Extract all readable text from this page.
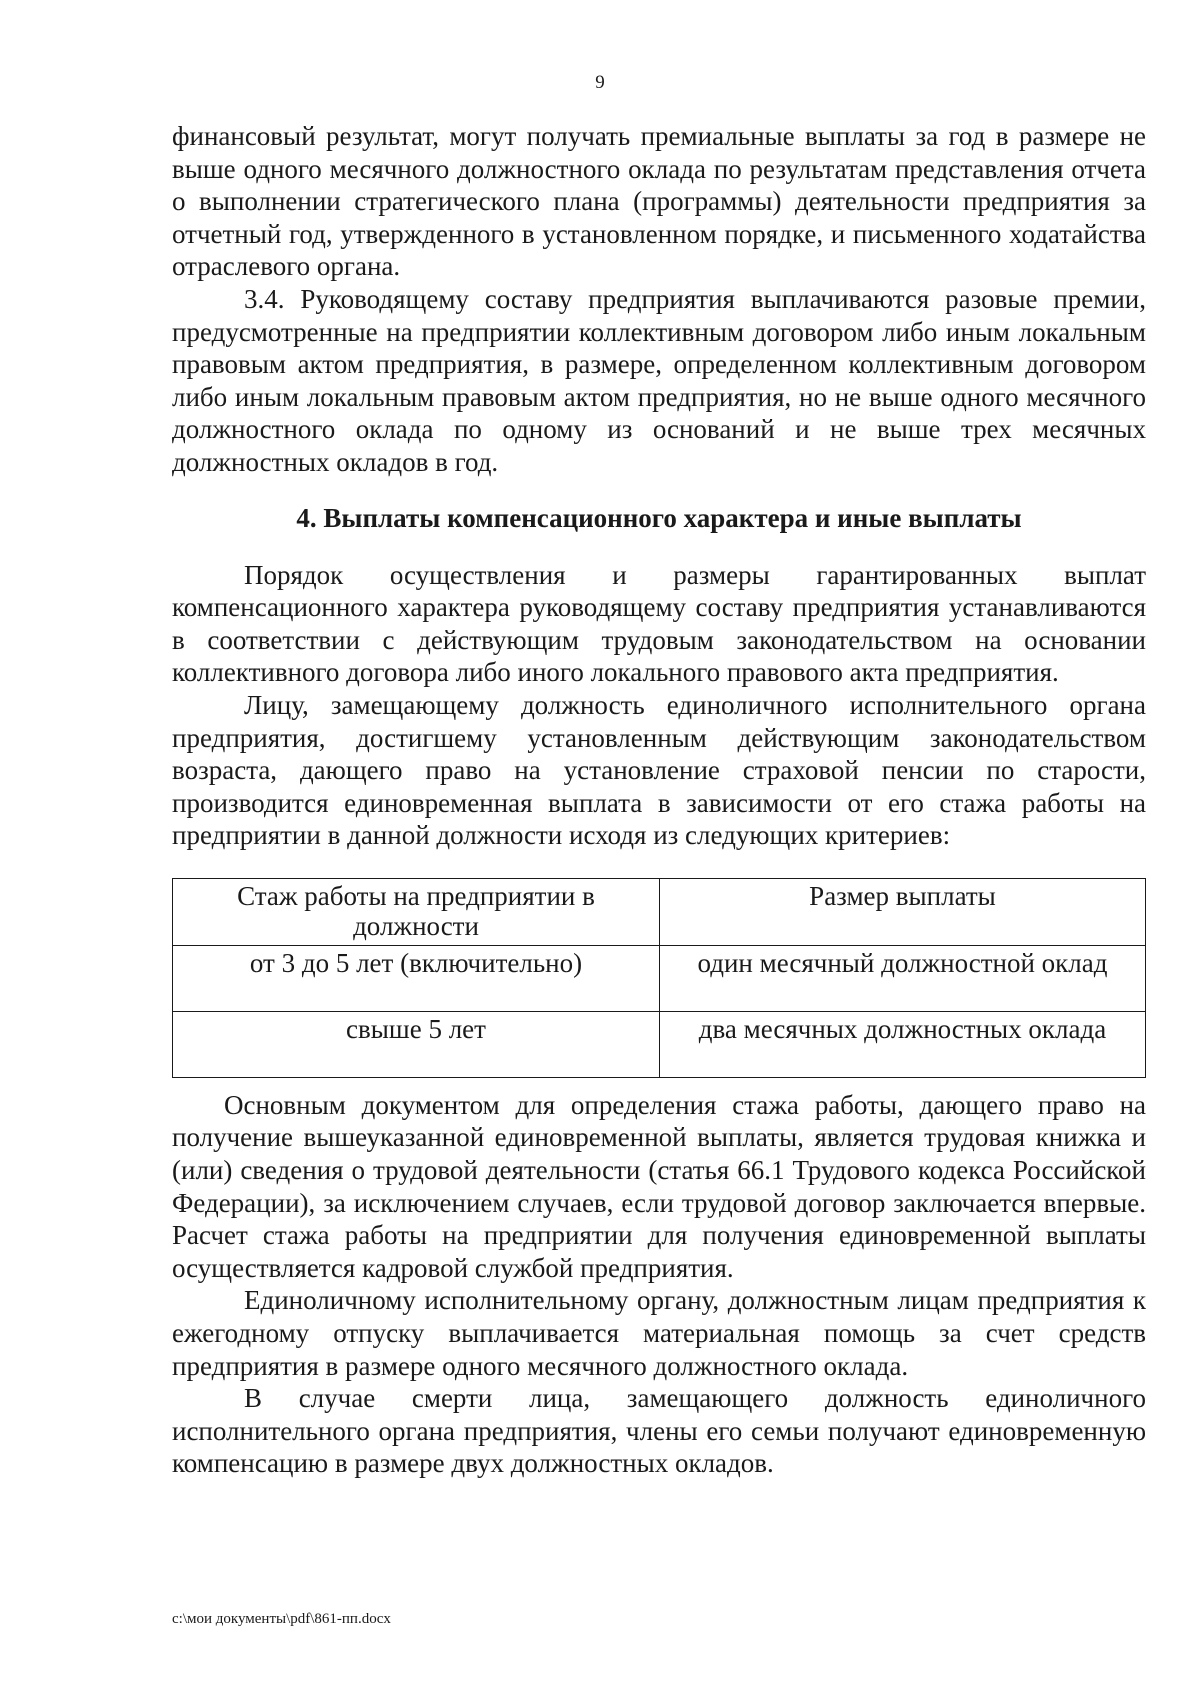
9

финансовый результат, могут получать премиальные выплаты за год в размере не выше одного месячного должностного оклада по результатам представления отчета о выполнении стратегического плана (программы) деятельности предприятия за отчетный год, утвержденного в установленном порядке, и письменного ходатайства отраслевого органа.

3.4. Руководящему составу предприятия выплачиваются разовые премии, предусмотренные на предприятии коллективным договором либо иным локальным правовым актом предприятия, в размере, определенном коллективным договором либо иным локальным правовым актом предприятия, но не выше одного месячного должностного оклада по одному из оснований и не выше трех месячных должностных окладов в год.

4. Выплаты компенсационного характера и иные выплаты

Порядок осуществления и размеры гарантированных выплат компенсационного характера руководящему составу предприятия устанавливаются в соответствии с действующим трудовым законодательством на основании коллективного договора либо иного локального правового акта предприятия.

Лицу, замещающему должность единоличного исполнительного органа предприятия, достигшему установленным действующим законодательством возраста, дающего право на установление страховой пенсии по старости, производится единовременная выплата в зависимости от его стажа работы на предприятии в данной должности исходя из следующих критериев:

Стаж работы на предприятии в должности	Размер выплаты
от 3 до 5 лет (включительно)	один месячный должностной оклад
свыше 5 лет	два месячных должностных оклада

Основным документом для определения стажа работы, дающего право на получение вышеуказанной единовременной выплаты, является трудовая книжка и (или) сведения о трудовой деятельности (статья 66.1 Трудового кодекса Российской Федерации), за исключением случаев, если трудовой договор заключается впервые. Расчет стажа работы на предприятии для получения единовременной выплаты осуществляется кадровой службой предприятия.

Единоличному исполнительному органу, должностным лицам предприятия к ежегодному отпуску выплачивается материальная помощь за счет средств предприятия в размере одного месячного должностного оклада.

В случае смерти лица, замещающего должность единоличного исполнительного органа предприятия, члены его семьи получают единовременную компенсацию в размере двух должностных окладов.

c:\мои документы\pdf\861-пп.docx
